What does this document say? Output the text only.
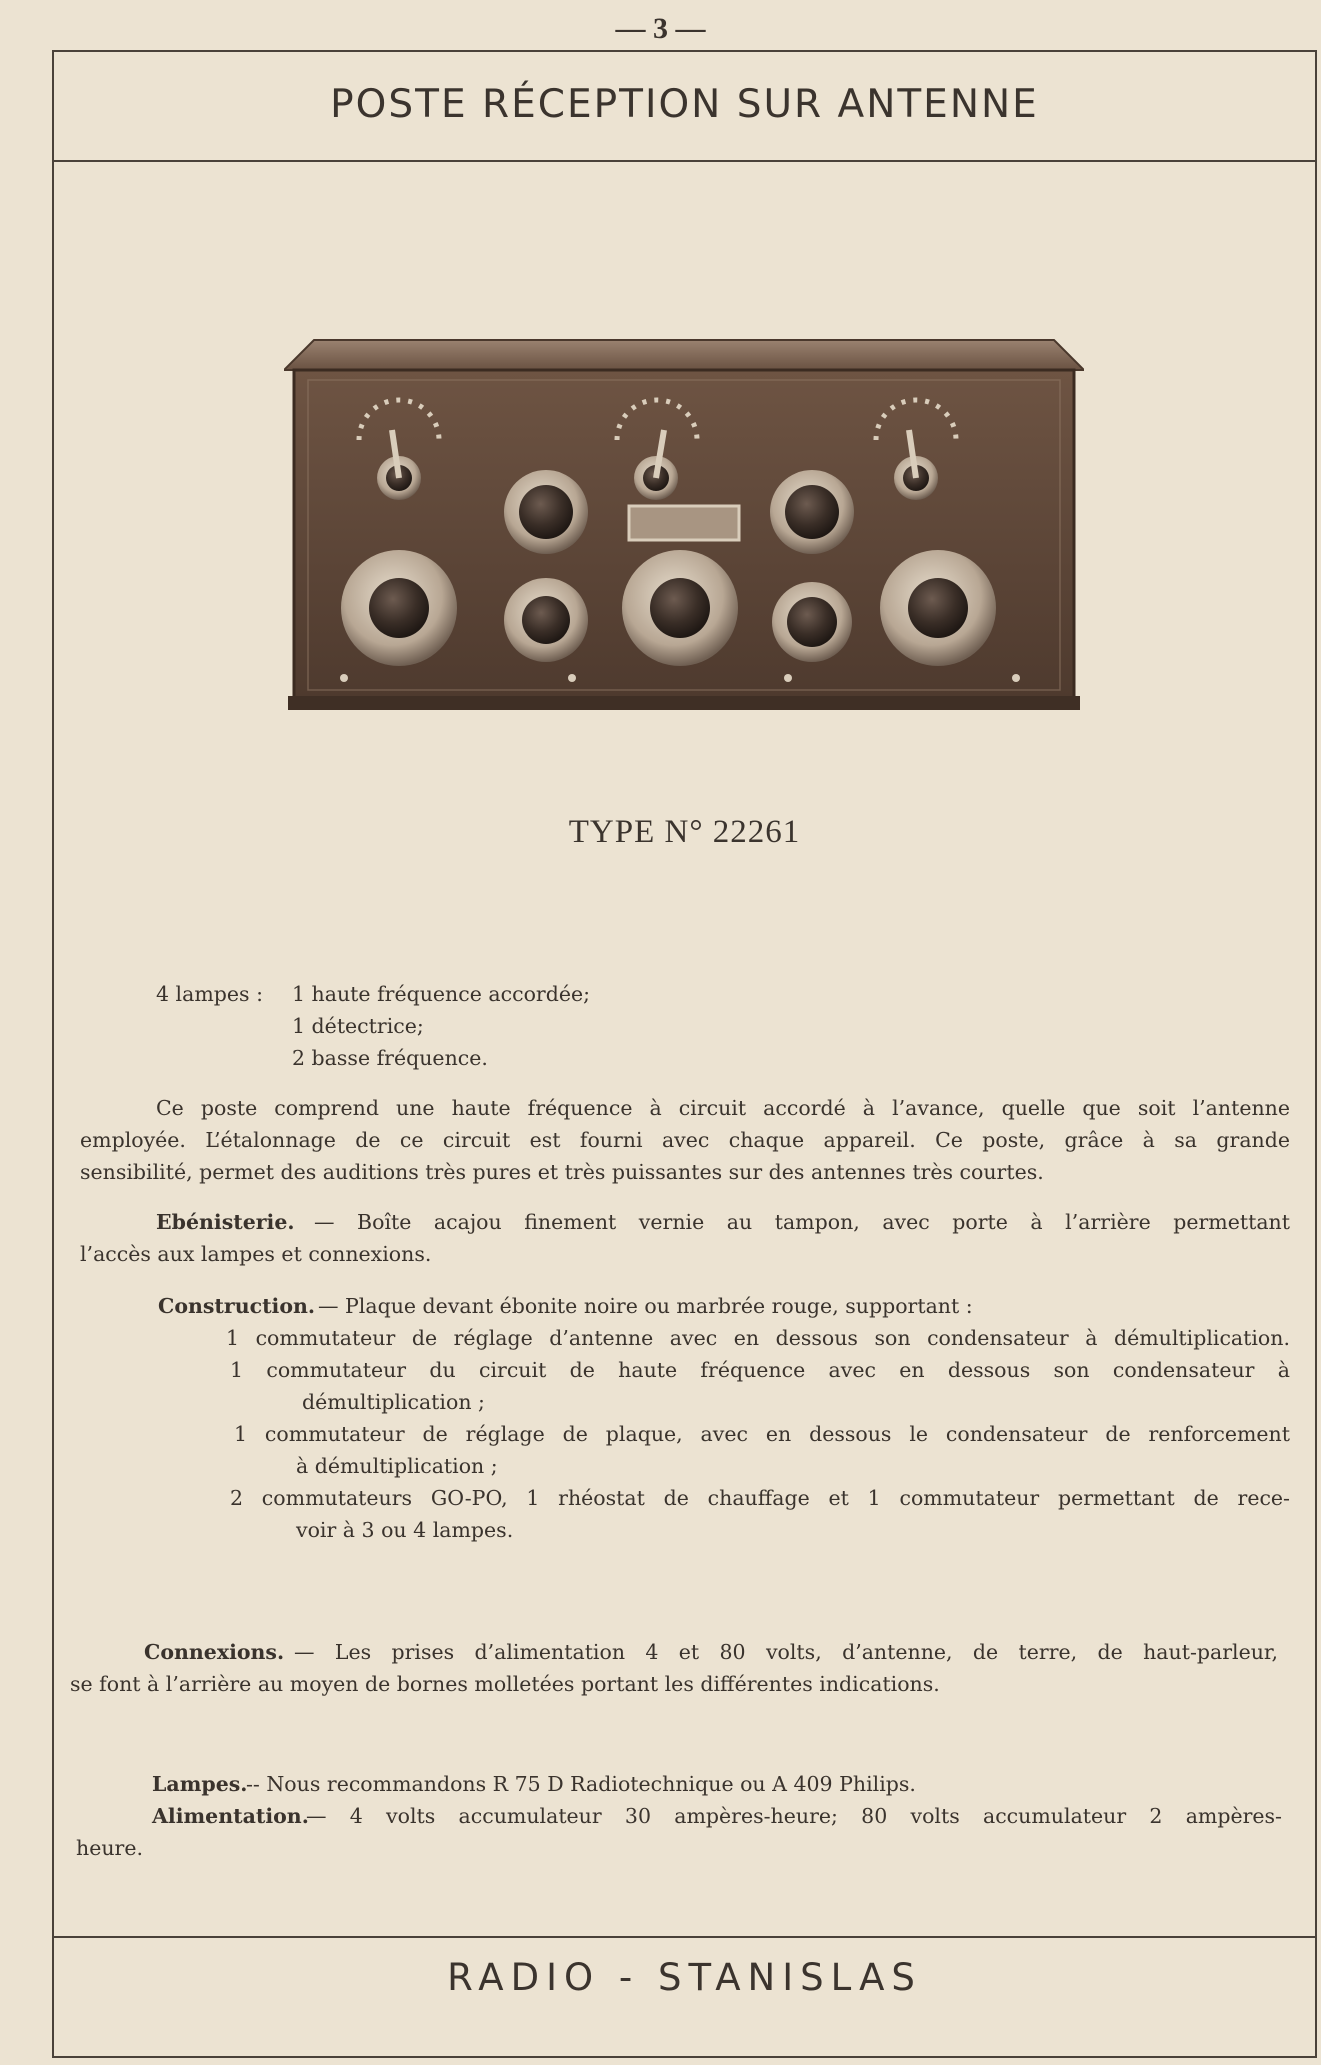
— 3 —
POSTE RÉCEPTION SUR ANTENNE
TYPE N° 22261
4 lampes : 1 haute fréquence accordée;
1 détectrice;
2 basse fréquence.
Ce poste comprend une haute fréquence à circuit accordé à l’avance, quelle que soit l’antenne
employée. L’étalonnage de ce circuit est fourni avec chaque appareil. Ce poste, grâce à sa grande
sensibilité, permet des auditions très pures et très puissantes sur des antennes très courtes.
Ebénisterie. — Boîte acajou finement vernie au tampon, avec porte à l’arrière permettant
l’accès aux lampes et connexions.
Construction. — Plaque devant ébonite noire ou marbrée rouge, supportant :
1 commutateur de réglage d’antenne avec en dessous son condensateur à démultiplication.
1 commutateur du circuit de haute fréquence avec en dessous son condensateur à
démultiplication ;
1 commutateur de réglage de plaque, avec en dessous le condensateur de renforcement
à démultiplication ;
2 commutateurs GO-PO, 1 rhéostat de chauffage et 1 commutateur permettant de rece-
voir à 3 ou 4 lampes.
Connexions. — Les prises d’alimentation 4 et 80 volts, d’antenne, de terre, de haut-parleur,
se font à l’arrière au moyen de bornes molletées portant les différentes indications.
Lampes.
-- Nous recommandons R 75 D Radiotechnique ou A 409 Philips.
Alimentation.
— 4 volts accumulateur 30 ampères-heure; 80 volts accumulateur 2 ampères-
heure.
RADIO - STANISLAS
